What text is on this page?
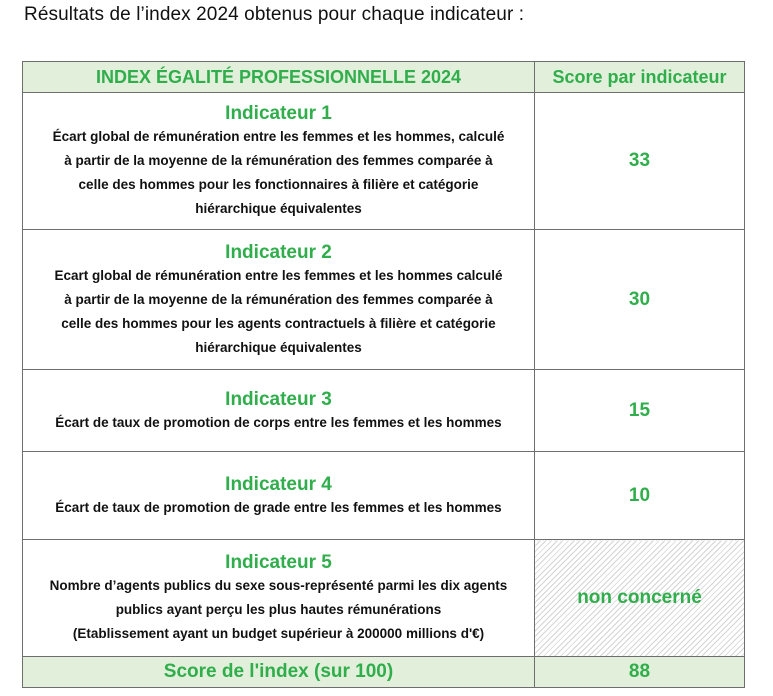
Résultats de l’index 2024 obtenus pour chaque indicateur :
INDEX ÉGALITÉ PROFESSIONNELLE 2024	Score par indicateur

Indicateur 1
Écart global de rémunération entre les femmes et les hommes, calculé
à partir de la moyenne de la rémunération des femmes comparée à
celle des hommes pour les fonctionnaires à filière et catégorie
hiérarchique équivalentes	33

Indicateur 2
Ecart global de rémunération entre les femmes et les hommes calculé
à partir de la moyenne de la rémunération des femmes comparée à
celle des hommes pour les agents contractuels à filière et catégorie
hiérarchique équivalentes	30

Indicateur 3
Écart de taux de promotion de corps entre les femmes et les hommes	15

Indicateur 4
Écart de taux de promotion de grade entre les femmes et les hommes	10

Indicateur 5
Nombre d’agents publics du sexe sous-représenté parmi les dix agents
publics ayant perçu les plus hautes rémunérations
(Etablissement ayant un budget supérieur à 200000 millions d'€)	non concerné
Score de l'index (sur 100)	88
